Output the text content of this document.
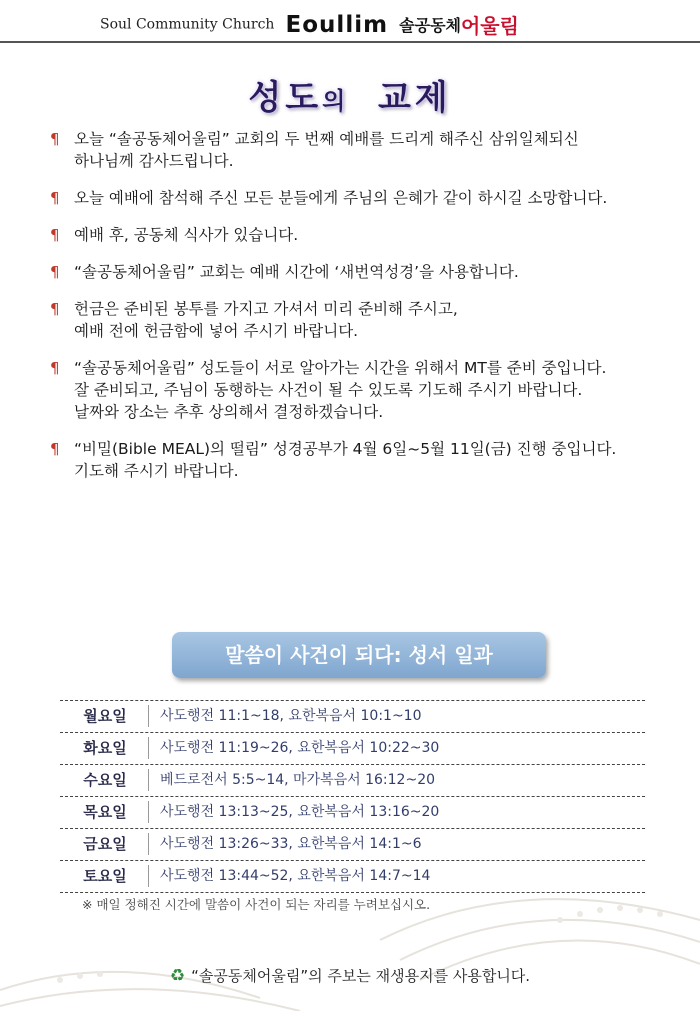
Soul Community Church Eoullim 솔공동체어울림
성도의 교제
¶ 오늘 “솔공동체어울림” 교회의 두 번째 예배를 드리게 해주신 삼위일체되신
하나님께 감사드립니다.
¶ 오늘 예배에 참석해 주신 모든 분들에게 주님의 은혜가 같이 하시길 소망합니다.
¶ 예배 후, 공동체 식사가 있습니다.
¶ “솔공동체어울림” 교회는 예배 시간에 ‘새번역성경’을 사용합니다.
¶ 헌금은 준비된 봉투를 가지고 가셔서 미리 준비해 주시고,
예배 전에 헌금함에 넣어 주시기 바랍니다.
¶ “솔공동체어울림” 성도들이 서로 알아가는 시간을 위해서 MT를 준비 중입니다.
잘 준비되고, 주님이 동행하는 사건이 될 수 있도록 기도해 주시기 바랍니다.
날짜와 장소는 추후 상의해서 결정하겠습니다.
¶ “비밀(Bible MEAL)의 떨림” 성경공부가 4월 6일~5월 11일(금) 진행 중입니다.
기도해 주시기 바랍니다.
말씀이 사건이 되다: 성서 일과
월요일	사도행전 11:1~18, 요한복음서 10:1~10
화요일	사도행전 11:19~26, 요한복음서 10:22~30
수요일	베드로전서 5:5~14, 마가복음서 16:12~20
목요일	사도행전 13:13~25, 요한복음서 13:16~20
금요일	사도행전 13:26~33, 요한복음서 14:1~6
토요일	사도행전 13:44~52, 요한복음서 14:7~14
※ 매일 정해진 시간에 말씀이 사건이 되는 자리를 누려보십시오.
♻ “솔공동체어울림”의 주보는 재생용지를 사용합니다.
